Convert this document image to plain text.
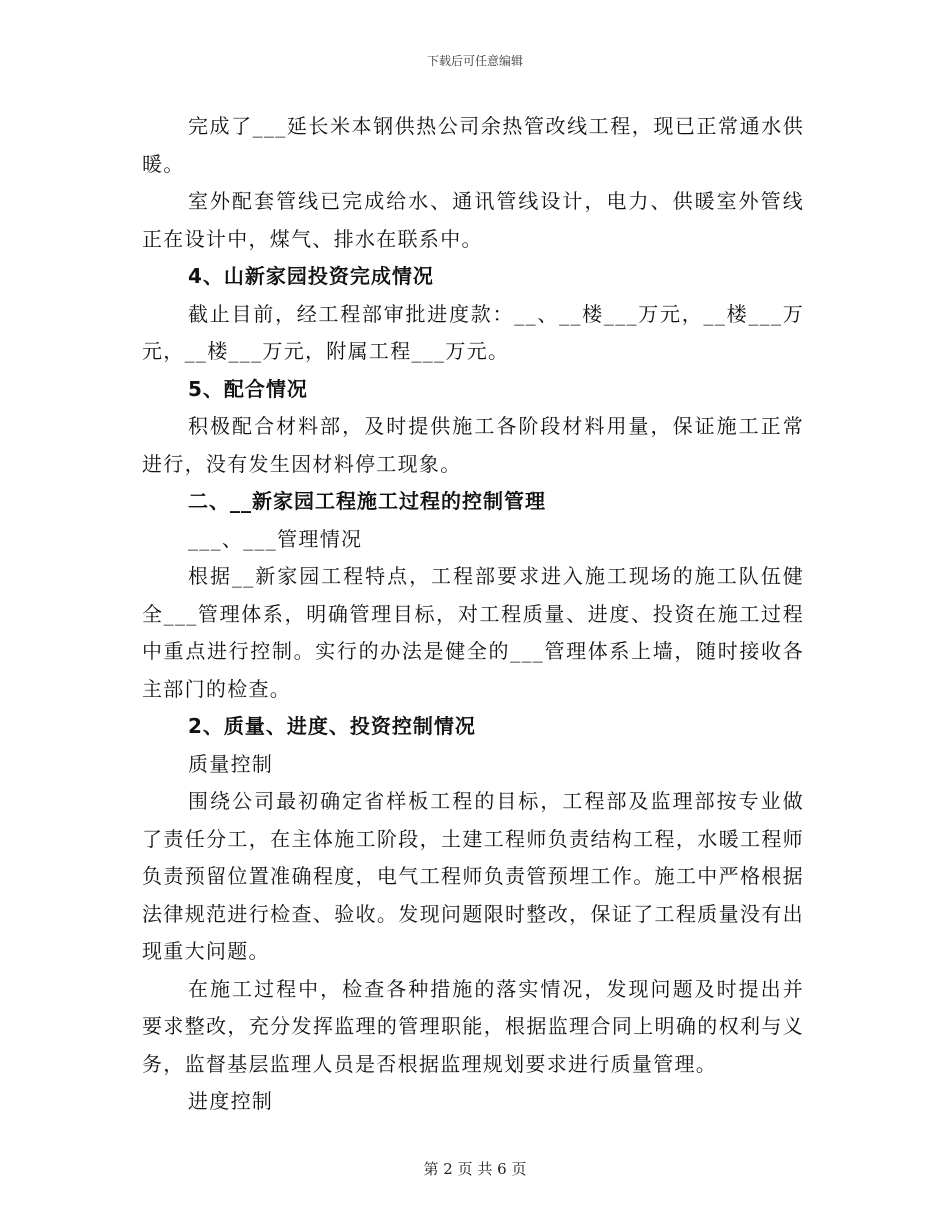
下载后可任意编辑

完成了___延长米本钢供热公司余热管改线工程，现已正常通水供暖。

室外配套管线已完成给水、通讯管线设计，电力、供暖室外管线正在设计中，煤气、排水在联系中。

4、山新家园投资完成情况

截止目前，经工程部审批进度款：__、__楼___万元，__楼___万元，__楼___万元，附属工程___万元。

5、配合情况

积极配合材料部，及时提供施工各阶段材料用量，保证施工正常进行，没有发生因材料停工现象。

二、__新家园工程施工过程的控制管理

___、___管理情况

根据__新家园工程特点，工程部要求进入施工现场的施工队伍健全___管理体系，明确管理目标，对工程质量、进度、投资在施工过程中重点进行控制。实行的办法是健全的___管理体系上墙，随时接收各主部门的检查。

2、质量、进度、投资控制情况

质量控制

围绕公司最初确定省样板工程的目标，工程部及监理部按专业做了责任分工，在主体施工阶段，土建工程师负责结构工程，水暖工程师负责预留位置准确程度，电气工程师负责管预埋工作。施工中严格根据法律规范进行检查、验收。发现问题限时整改，保证了工程质量没有出现重大问题。

在施工过程中，检查各种措施的落实情况，发现问题及时提出并要求整改，充分发挥监理的管理职能，根据监理合同上明确的权利与义务，监督基层监理人员是否根据监理规划要求进行质量管理。

进度控制

第 2 页 共 6 页
